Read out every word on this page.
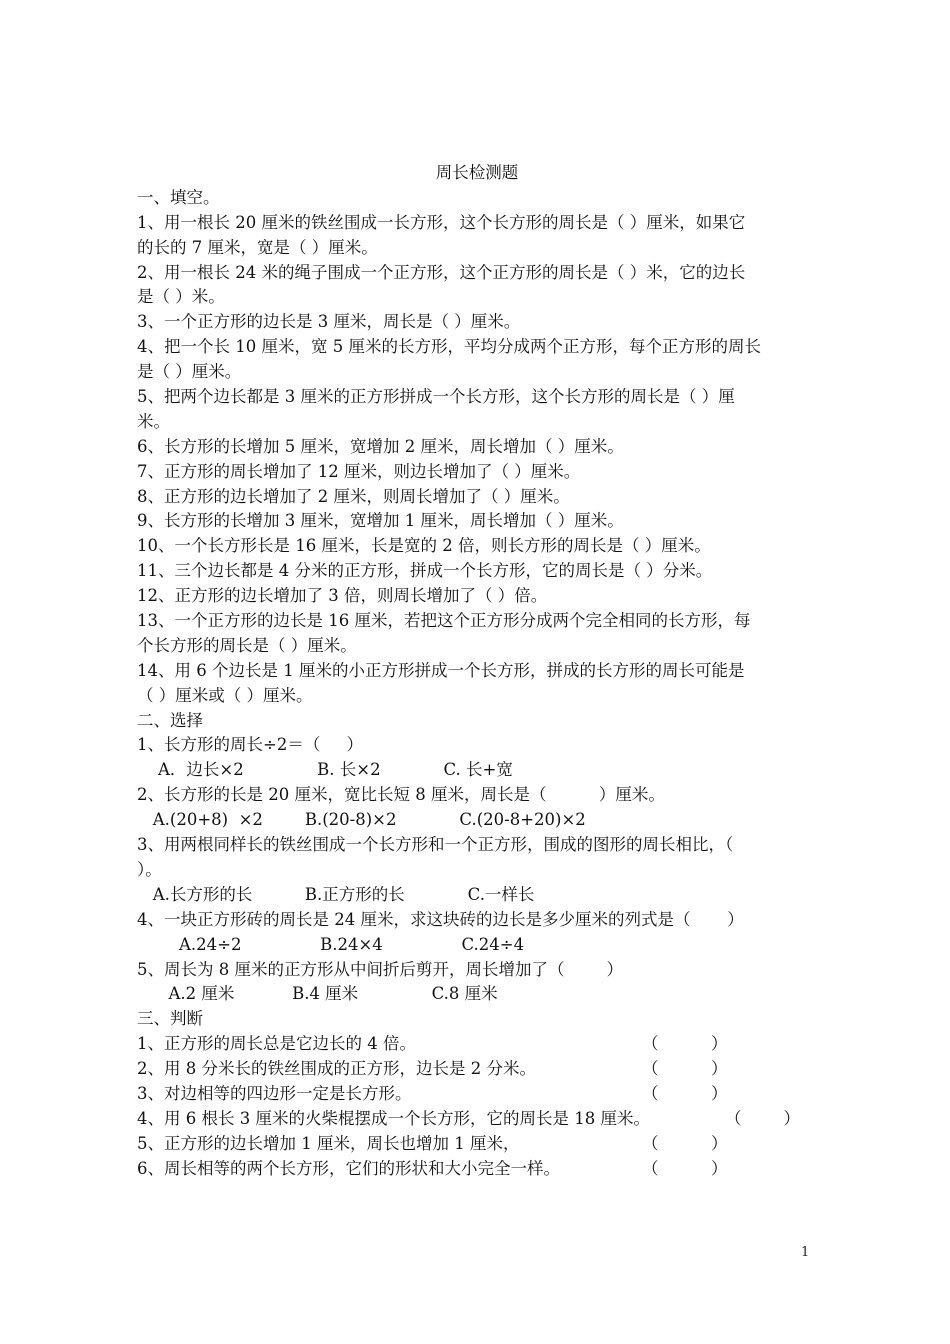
周长检测题
一、填空。
1、用一根长 20 厘米的铁丝围成一长方形，这个长方形的周长是（ ）厘米，如果它
的长的 7 厘米，宽是（ ）厘米。
2、用一根长 24 米的绳子围成一个正方形，这个正方形的周长是（ ）米，它的边长
是（ ）米。
3、一个正方形的边长是 3 厘米，周长是（ ）厘米。
4、把一个长 10 厘米，宽 5 厘米的长方形，平均分成两个正方形，每个正方形的周长
是（ ）厘米。
5、把两个边长都是 3 厘米的正方形拼成一个长方形，这个长方形的周长是（ ）厘
米。
6、长方形的长增加 5 厘米，宽增加 2 厘米，周长增加（ ）厘米。
7、正方形的周长增加了 12 厘米，则边长增加了（ ）厘米。
8、正方形的边长增加了 2 厘米，则周长增加了（ ）厘米。
9、长方形的长增加 3 厘米，宽增加 1 厘米，周长增加（ ）厘米。
10、一个长方形长是 16 厘米，长是宽的 2 倍，则长方形的周长是（ ）厘米。
11、三个边长都是 4 分米的正方形，拼成一个长方形，它的周长是（ ）分米。
12、正方形的边长增加了 3 倍，则周长增加了（ ）倍。
13、一个正方形的边长是 16 厘米，若把这个正方形分成两个完全相同的长方形，每
个长方形的周长是（ ）厘米。
14、用 6 个边长是 1 厘米的小正方形拼成一个长方形，拼成的长方形的周长可能是
（ ）厘米或（ ）厘米。
二、选择
1、长方形的周长÷2＝（     ）
A．边长×2              B. 长×2            C. 长+宽
2、长方形的长是 20 厘米，宽比长短 8 厘米，周长是（          ）厘米。
A.(20+8)  ×2        B.(20-8)×2            C.(20-8+20)×2
3、用两根同样长的铁丝围成一个长方形和一个正方形，围成的图形的周长相比，（
）。
A.长方形的长          B.正方形的长            C.一样长
4、一块正方形砖的周长是 24 厘米，求这块砖的边长是多少厘米的列式是（       ）
A.24÷2               B.24×4               C.24÷4
5、周长为 8 厘米的正方形从中间折后剪开，周长增加了（        ）
A.2 厘米           B.4 厘米              C.8 厘米
三、判断
1、正方形的周长总是它边长的 4 倍。	（          ）
2、用 8 分米长的铁丝围成的正方形，边长是 2 分米。	（          ）
3、对边相等的四边形一定是长方形。	（          ）
4、用 6 根长 3 厘米的火柴棍摆成一个长方形，它的周长是 18 厘米。	（        ）
5、正方形的边长增加 1 厘米，周长也增加 1 厘米，	（          ）
6、周长相等的两个长方形，它们的形状和大小完全一样。	（          ）
1
